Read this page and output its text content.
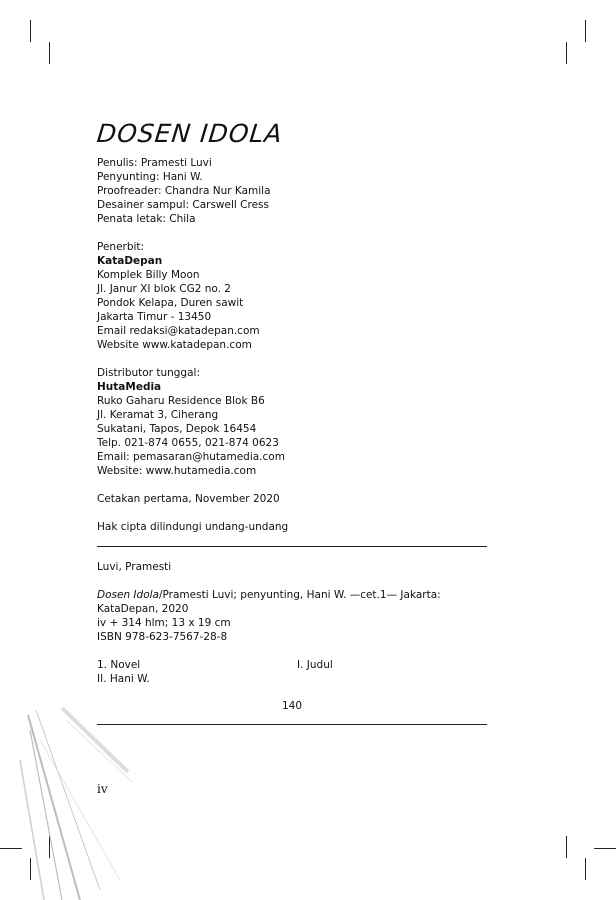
DOSEN IDOLA
Penulis: Pramesti Luvi
Penyunting: Hani W.
Proofreader: Chandra Nur Kamila
Desainer sampul: Carswell Cress
Penata letak: Chila
Penerbit:
KataDepan
Komplek Billy Moon
Jl. Janur XI blok CG2 no. 2
Pondok Kelapa, Duren sawit
Jakarta Timur - 13450
Email redaksi@katadepan.com
Website www.katadepan.com
Distributor tunggal:
HutaMedia
Ruko Gaharu Residence Blok B6
Jl. Keramat 3, Ciherang
Sukatani, Tapos, Depok 16454
Telp. 021-874 0655, 021-874 0623
Email: pemasaran@hutamedia.com
Website: www.hutamedia.com
Cetakan pertama, November 2020
Hak cipta dilindungi undang-undang
Luvi, Pramesti
Dosen Idola/Pramesti Luvi; penyunting, Hani W. —cet.1— Jakarta:
KataDepan, 2020
iv + 314 hlm; 13 x 19 cm
ISBN 978-623-7567-28-8
1. Novel	I. Judul
II. Hani W.
140
iv
